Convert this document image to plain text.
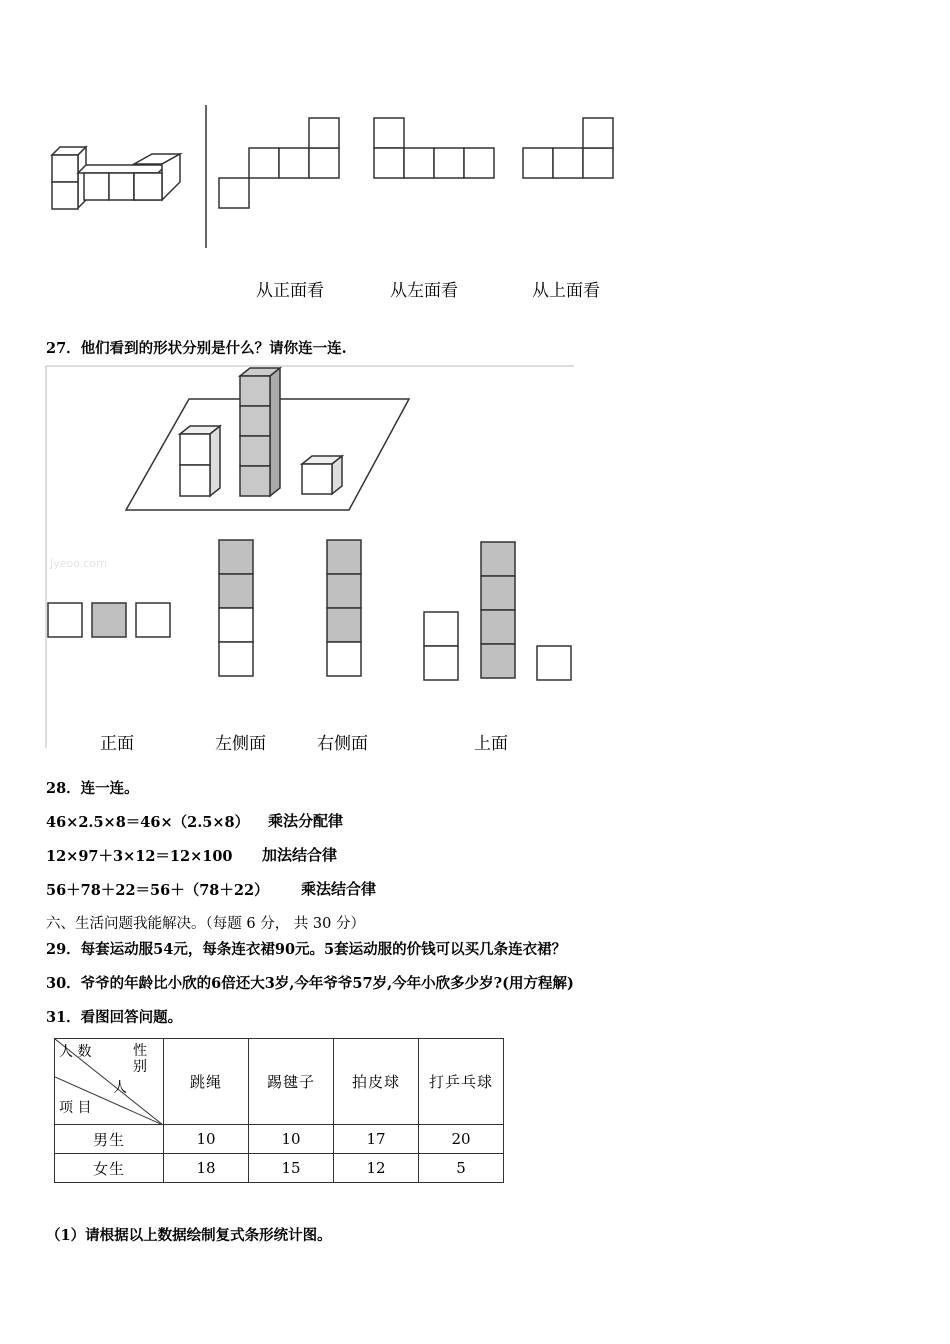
从正面看	从左面看	从上面看
27．他们看到的形状分别是什么？请你连一连.
Jyeoo.com
正面	左侧面	右侧面	上面
28．连一连。
46×2.5×8＝46×（2.5×8） 乘法分配律
12×97＋3×12＝12×100 加法结合律
56＋78＋22＝56＋（78＋22） 乘法结合律
六、生活问题我能解决。（每题 6 分， 共 30 分）
29．每套运动服54元，每条连衣裙90元。5套运动服的价钱可以买几条连衣裙？
30．爷爷的年龄比小欣的6倍还大3岁,今年爷爷57岁,今年小欣多少岁?(用方程解)
31．看图回答问题。
人 数 性 别
人
项 目	跳绳	踢毽子	拍皮球	打乒乓球
男生	10	10	17	20
女生	18	15	12	5
（1）请根据以上数据绘制复式条形统计图。
